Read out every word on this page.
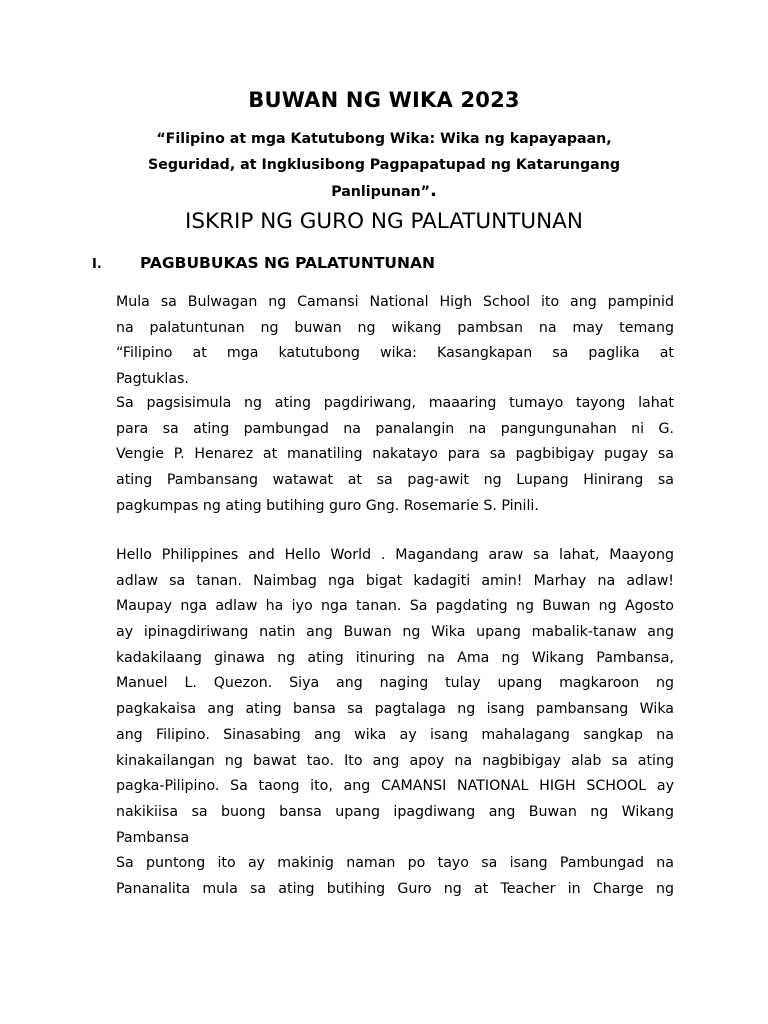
BUWAN NG WIKA 2023
“Filipino at mga Katutubong Wika: Wika ng kapayapaan,
Seguridad, at Ingklusibong Pagpapatupad ng Katarungang
Panlipunan”.
ISKRIP NG GURO NG PALATUNTUNAN
I. PAGBUBUKAS NG PALATUNTUNAN
Mula sa Bulwagan ng Camansi National High School ito ang pampinid
na palatuntunan ng buwan ng wikang pambsan na may temang
“Filipino at mga katutubong wika: Kasangkapan sa paglika at
Pagtuklas.
Sa pagsisimula ng ating pagdiriwang, maaaring tumayo tayong lahat
para sa ating pambungad na panalangin na pangungunahan ni G.
Vengie P. Henarez at manatiling nakatayo para sa pagbibigay pugay sa
ating Pambansang watawat at sa pag-awit ng Lupang Hinirang sa
pagkumpas ng ating butihing guro Gng. Rosemarie S. Pinili.
Hello Philippines and Hello World . Magandang araw sa lahat, Maayong
adlaw sa tanan. Naimbag nga bigat kadagiti amin! Marhay na adlaw!
Maupay nga adlaw ha iyo nga tanan. Sa pagdating ng Buwan ng Agosto
ay ipinagdiriwang natin ang Buwan ng Wika upang mabalik-tanaw ang
kadakilaang ginawa ng ating itinuring na Ama ng Wikang Pambansa,
Manuel L. Quezon. Siya ang naging tulay upang magkaroon ng
pagkakaisa ang ating bansa sa pagtalaga ng isang pambansang Wika
ang Filipino. Sinasabing ang wika ay isang mahalagang sangkap na
kinakailangan ng bawat tao. Ito ang apoy na nagbibigay alab sa ating
pagka-Pilipino. Sa taong ito, ang CAMANSI NATIONAL HIGH SCHOOL ay
nakikiisa sa buong bansa upang ipagdiwang ang Buwan ng Wikang
Pambansa
Sa puntong ito ay makinig naman po tayo sa isang Pambungad na
Pananalita mula sa ating butihing Guro ng at Teacher in Charge ng
